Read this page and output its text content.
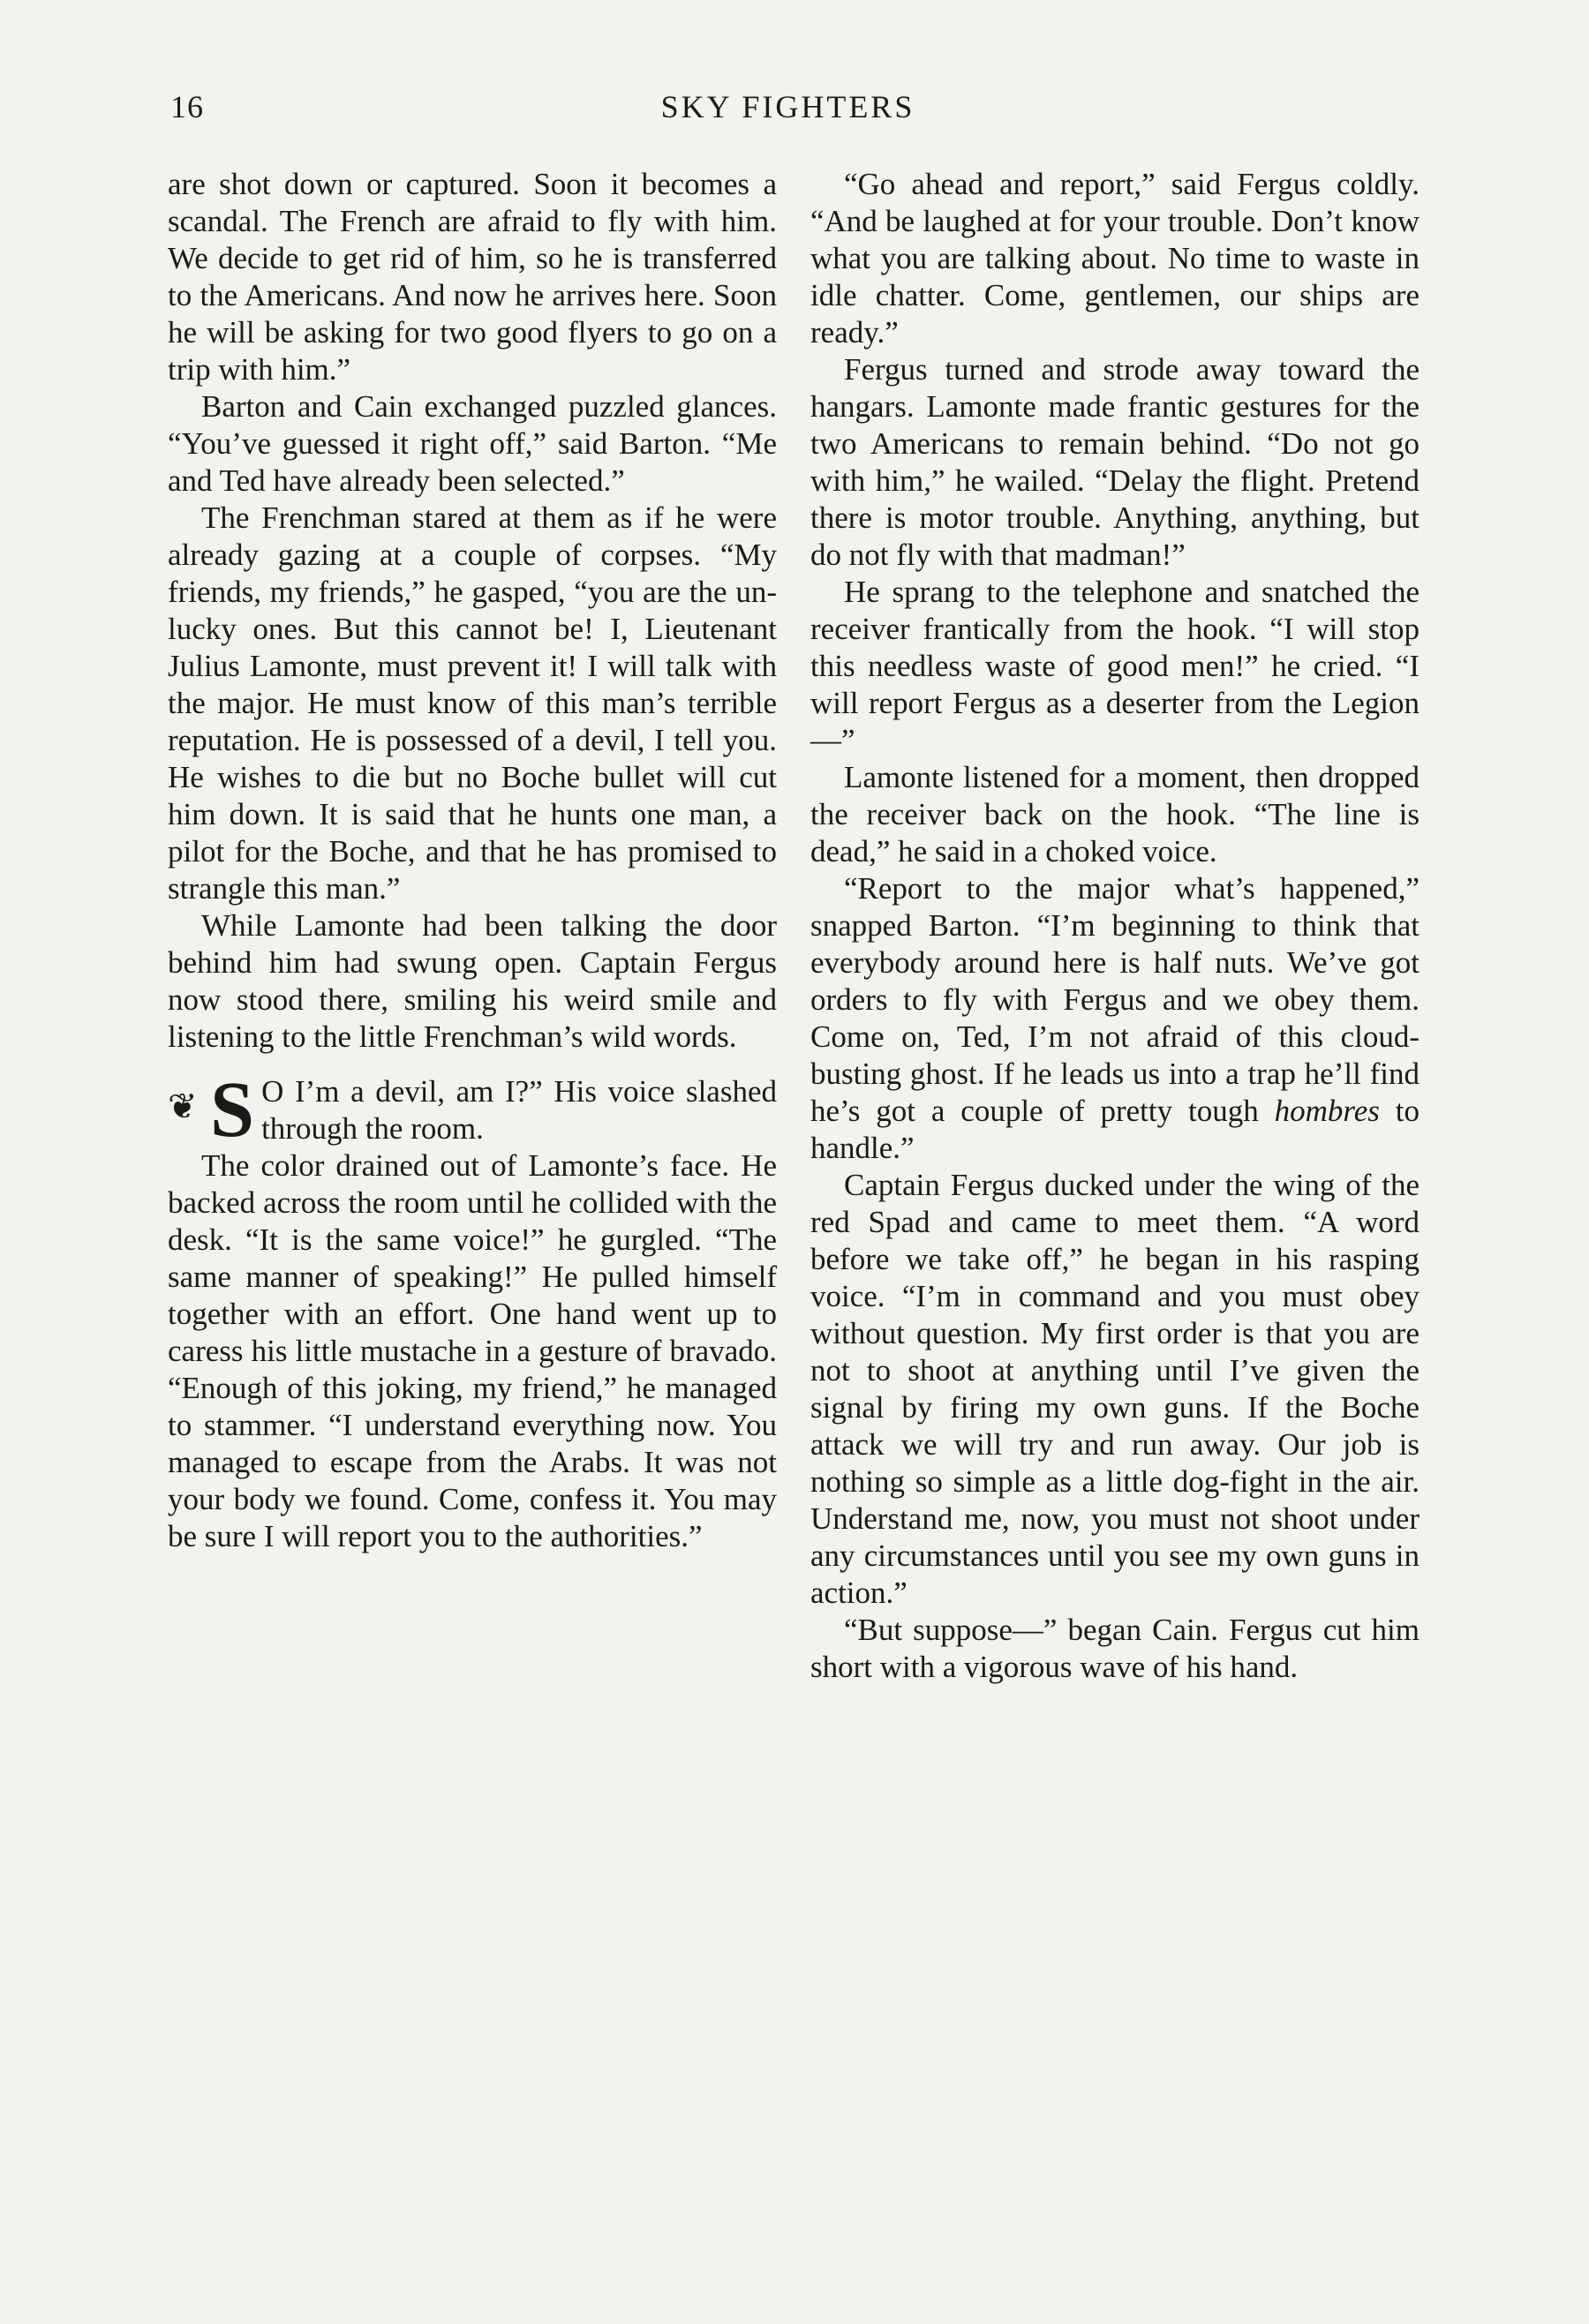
16	SKY FIGHTERS

are shot down or captured. Soon it becomes a scandal. The French are afraid to fly with him. We decide to get rid of him, so he is transferred to the Americans. And now he arrives here. Soon he will be asking for two good flyers to go on a trip with him.”

Barton and Cain exchanged puzzled glances. “You’ve guessed it right off,” said Barton. “Me and Ted have already been selected.”

The Frenchman stared at them as if he were already gazing at a couple of corpses. “My friends, my friends,” he gasped, “you are the unlucky ones. But this cannot be! I, Lieutenant Julius Lamonte, must prevent it! I will talk with the major. He must know of this man’s terrible reputation. He is possessed of a devil, I tell you. He wishes to die but no Boche bullet will cut him down. It is said that he hunts one man, a pilot for the Boche, and that he has promised to strangle this man.”

While Lamonte had been talking the door behind him had swung open. Captain Fergus now stood there, smiling his weird smile and listening to the little Frenchman’s wild words.

❦ S O I’m a devil, am I?” His voice slashed through the room.

The color drained out of Lamonte’s face. He backed across the room until he collided with the desk. “It is the same voice!” he gurgled. “The same manner of speaking!” He pulled himself together with an effort. One hand went up to caress his little mustache in a gesture of bravado. “Enough of this joking, my friend,” he managed to stammer. “I understand everything now. You managed to escape from the Arabs. It was not your body we found. Come, confess it. You may be sure I will report you to the authorities.”

“Go ahead and report,” said Fergus coldly. “And be laughed at for your trouble. Don’t know what you are talking about. No time to waste in idle chatter. Come, gentlemen, our ships are ready.”

Fergus turned and strode away toward the hangars. Lamonte made frantic gestures for the two Americans to remain behind. “Do not go with him,” he wailed. “Delay the flight. Pretend there is motor trouble. Anything, anything, but do not fly with that madman!”

He sprang to the telephone and snatched the receiver frantically from the hook. “I will stop this needless waste of good men!” he cried. “I will report Fergus as a deserter from the Legion—”

Lamonte listened for a moment, then dropped the receiver back on the hook. “The line is dead,” he said in a choked voice.

“Report to the major what’s happened,” snapped Barton. “I’m beginning to think that everybody around here is half nuts. We’ve got orders to fly with Fergus and we obey them. Come on, Ted, I’m not afraid of this cloud-busting ghost. If he leads us into a trap he’ll find he’s got a couple of pretty tough hombres to handle.”

Captain Fergus ducked under the wing of the red Spad and came to meet them. “A word before we take off,” he began in his rasping voice. “I’m in command and you must obey without question. My first order is that you are not to shoot at anything until I’ve given the signal by firing my own guns. If the Boche attack we will try and run away. Our job is nothing so simple as a little dog-fight in the air. Understand me, now, you must not shoot under any circumstances until you see my own guns in action.”

“But suppose—” began Cain. Fergus cut him short with a vigorous wave of his hand.
